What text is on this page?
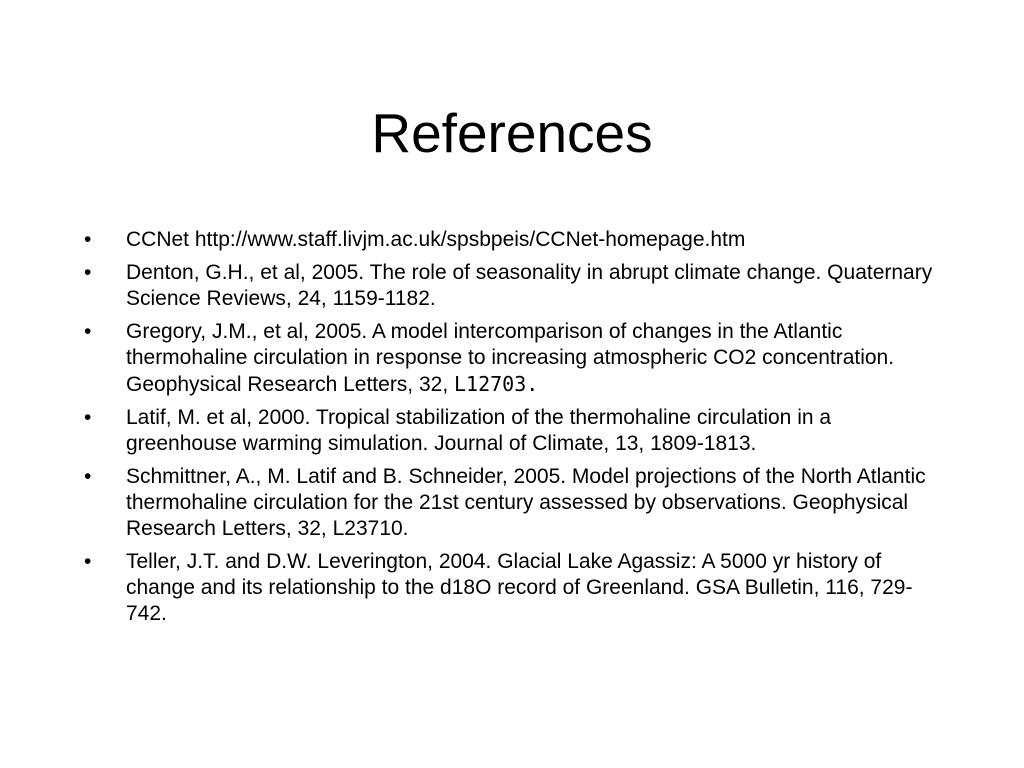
References
•	CCNet http://www.staff.livjm.ac.uk/spsbpeis/CCNet-homepage.htm
•	Denton, G.H., et al, 2005. The role of seasonality in abrupt climate change. Quaternary Science Reviews, 24, 1159-1182.
•	Gregory, J.M., et al, 2005. A model intercomparison of changes in the Atlantic thermohaline circulation in response to increasing atmospheric CO2 concentration. Geophysical Research Letters, 32, L12703.
•	Latif, M. et al, 2000. Tropical stabilization of the thermohaline circulation in a greenhouse warming simulation. Journal of Climate, 13, 1809-1813.
•	Schmittner, A., M. Latif and B. Schneider, 2005. Model projections of the North Atlantic thermohaline circulation for the 21st century assessed by observations. Geophysical Research Letters, 32, L23710.
•	Teller, J.T. and D.W. Leverington, 2004. Glacial Lake Agassiz: A 5000 yr history of change and its relationship to the d18O record of Greenland. GSA Bulletin, 116, 729-742.
